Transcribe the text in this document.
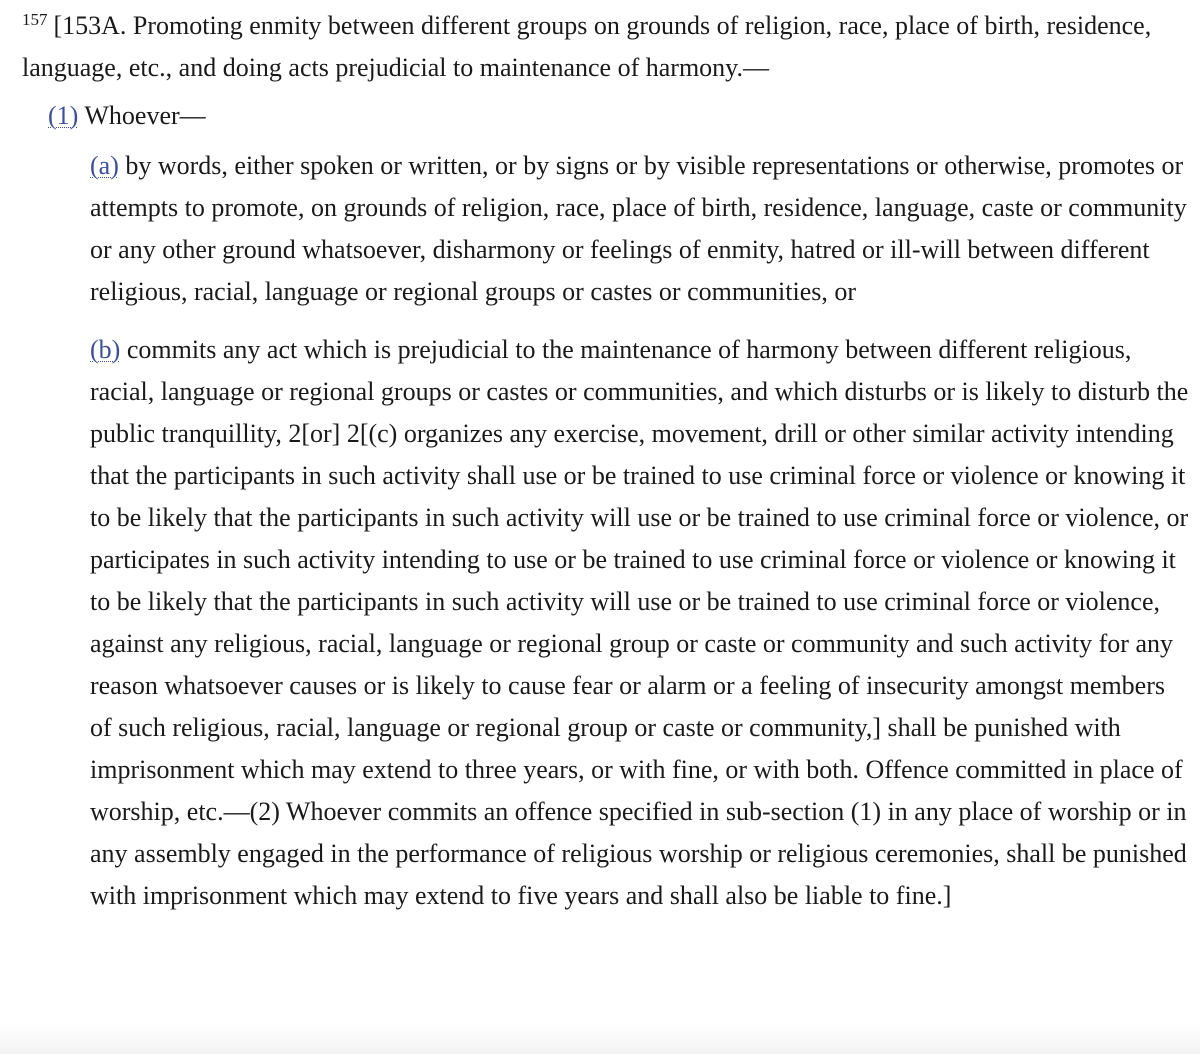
$^{157}$ [153A. Promoting enmity between different groups on grounds of religion, race, place of birth, residence, language, etc., and doing acts prejudicial to maintenance of harmony.—

(1) Whoever—

(a) by words, either spoken or written, or by signs or by visible representations or otherwise, promotes or attempts to promote, on grounds of religion, race, place of birth, residence, language, caste or community or any other ground whatsoever, disharmony or feelings of enmity, hatred or ill-will between different religious, racial, language or regional groups or castes or communities, or

(b) commits any act which is prejudicial to the maintenance of harmony between different religious, racial, language or regional groups or castes or communities, and which disturbs or is likely to disturb the public tranquillity, 2[or] 2[(c) organizes any exercise, movement, drill or other similar activity intending that the participants in such activity shall use or be trained to use criminal force or violence or knowing it to be likely that the participants in such activity will use or be trained to use criminal force or violence, or participates in such activity intending to use or be trained to use criminal force or violence or knowing it to be likely that the participants in such activity will use or be trained to use criminal force or violence, against any religious, racial, language or regional group or caste or community and such activity for any reason whatsoever causes or is likely to cause fear or alarm or a feeling of insecurity amongst members of such religious, racial, language or regional group or caste or community,] shall be punished with imprisonment which may extend to three years, or with fine, or with both. Offence committed in place of worship, etc.—(2) Whoever commits an offence specified in sub-section (1) in any place of worship or in any assembly engaged in the performance of religious worship or religious ceremonies, shall be punished with imprisonment which may extend to five years and shall also be liable to fine.]
